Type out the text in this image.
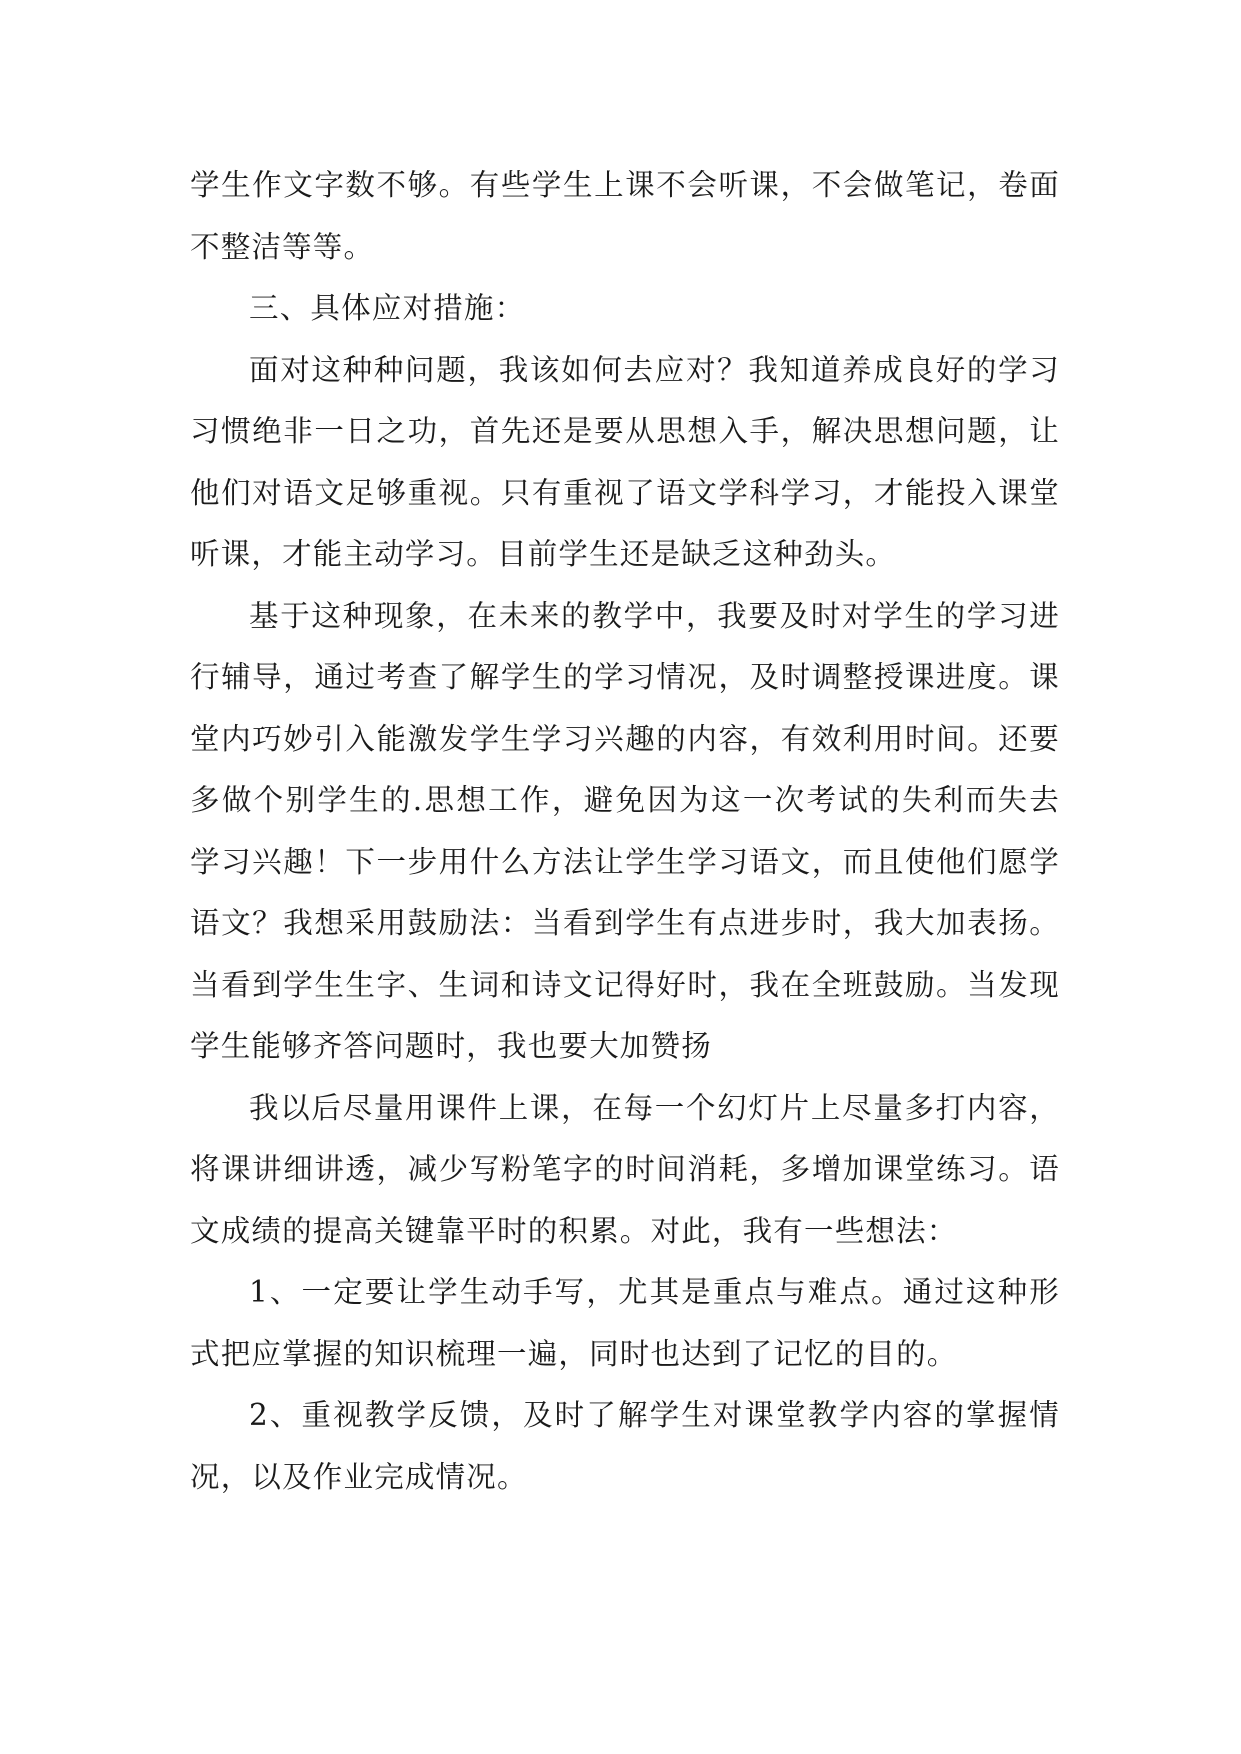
学生作文字数不够。有些学生上课不会听课，不会做笔记，卷面不整洁等等。

三、具体应对措施：

面对这种种问题，我该如何去应对？我知道养成良好的学习习惯绝非一日之功，首先还是要从思想入手，解决思想问题，让他们对语文足够重视。只有重视了语文学科学习，才能投入课堂听课，才能主动学习。目前学生还是缺乏这种劲头。

基于这种现象，在未来的教学中，我要及时对学生的学习进行辅导，通过考查了解学生的学习情况，及时调整授课进度。课堂内巧妙引入能激发学生学习兴趣的内容，有效利用时间。还要多做个别学生的.思想工作，避免因为这一次考试的失利而失去学习兴趣！下一步用什么方法让学生学习语文，而且使他们愿学语文？我想采用鼓励法：当看到学生有点进步时，我大加表扬。当看到学生生字、生词和诗文记得好时，我在全班鼓励。当发现学生能够齐答问题时，我也要大加赞扬

我以后尽量用课件上课，在每一个幻灯片上尽量多打内容，将课讲细讲透，减少写粉笔字的时间消耗，多增加课堂练习。语文成绩的提高关键靠平时的积累。对此，我有一些想法：

1、一定要让学生动手写，尤其是重点与难点。通过这种形式把应掌握的知识梳理一遍，同时也达到了记忆的目的。

2、重视教学反馈，及时了解学生对课堂教学内容的掌握情况，以及作业完成情况。
